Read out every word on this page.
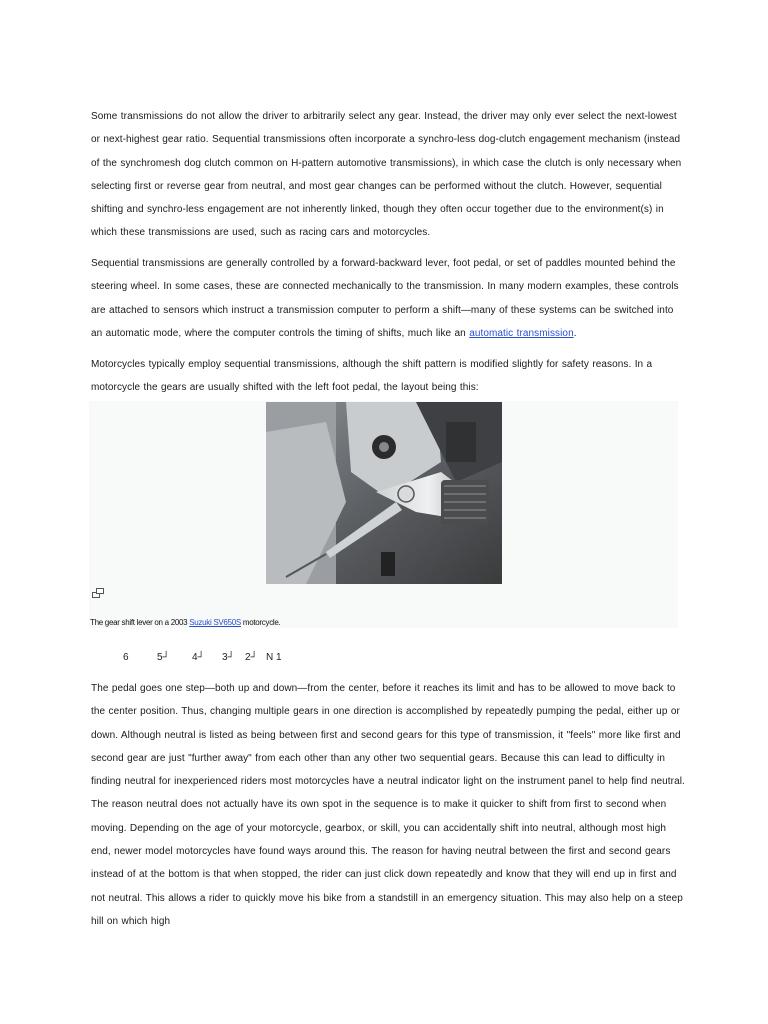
Some transmissions do not allow the driver to arbitrarily select any gear. Instead, the driver may only ever select the next-lowest or next-highest gear ratio. Sequential transmissions often incorporate a synchro-less dog-clutch engagement mechanism (instead of the synchromesh dog clutch common on H-pattern automotive transmissions), in which case the clutch is only necessary when selecting first or reverse gear from neutral, and most gear changes can be performed without the clutch. However, sequential shifting and synchro-less engagement are not inherently linked, though they often occur together due to the environment(s) in which these transmissions are used, such as racing cars and motorcycles.

Sequential transmissions are generally controlled by a forward-backward lever, foot pedal, or set of paddles mounted behind the steering wheel. In some cases, these are connected mechanically to the transmission. In many modern examples, these controls are attached to sensors which instruct a transmission computer to perform a shift—many of these systems can be switched into an automatic mode, where the computer controls the timing of shifts, much like an automatic transmission.

Motorcycles typically employ sequential transmissions, although the shift pattern is modified slightly for safety reasons. In a motorcycle the gears are usually shifted with the left foot pedal, the layout being this:

The gear shift lever on a 2003 Suzuki SV650S motorcycle.

6

	5┘

4┘

3┘

2┘

N 1

The pedal goes one step—both up and down—from the center, before it reaches its limit and has to be allowed to move back to the center position. Thus, changing multiple gears in one direction is accomplished by repeatedly pumping the pedal, either up or down. Although neutral is listed as being between first and second gears for this type of transmission, it "feels" more like first and second gear are just "further away" from each other than any other two sequential gears. Because this can lead to difficulty in finding neutral for inexperienced riders most motorcycles have a neutral indicator light on the instrument panel to help find neutral. The reason neutral does not actually have its own spot in the sequence is to make it quicker to shift from first to second when moving. Depending on the age of your motorcycle, gearbox, or skill, you can accidentally shift into neutral, although most high end, newer model motorcycles have found ways around this. The reason for having neutral between the first and second gears instead of at the bottom is that when stopped, the rider can just click down repeatedly and know that they will end up in first and not neutral. This allows a rider to quickly move his bike from a standstill in an emergency situation. This may also help on a steep hill on which high
